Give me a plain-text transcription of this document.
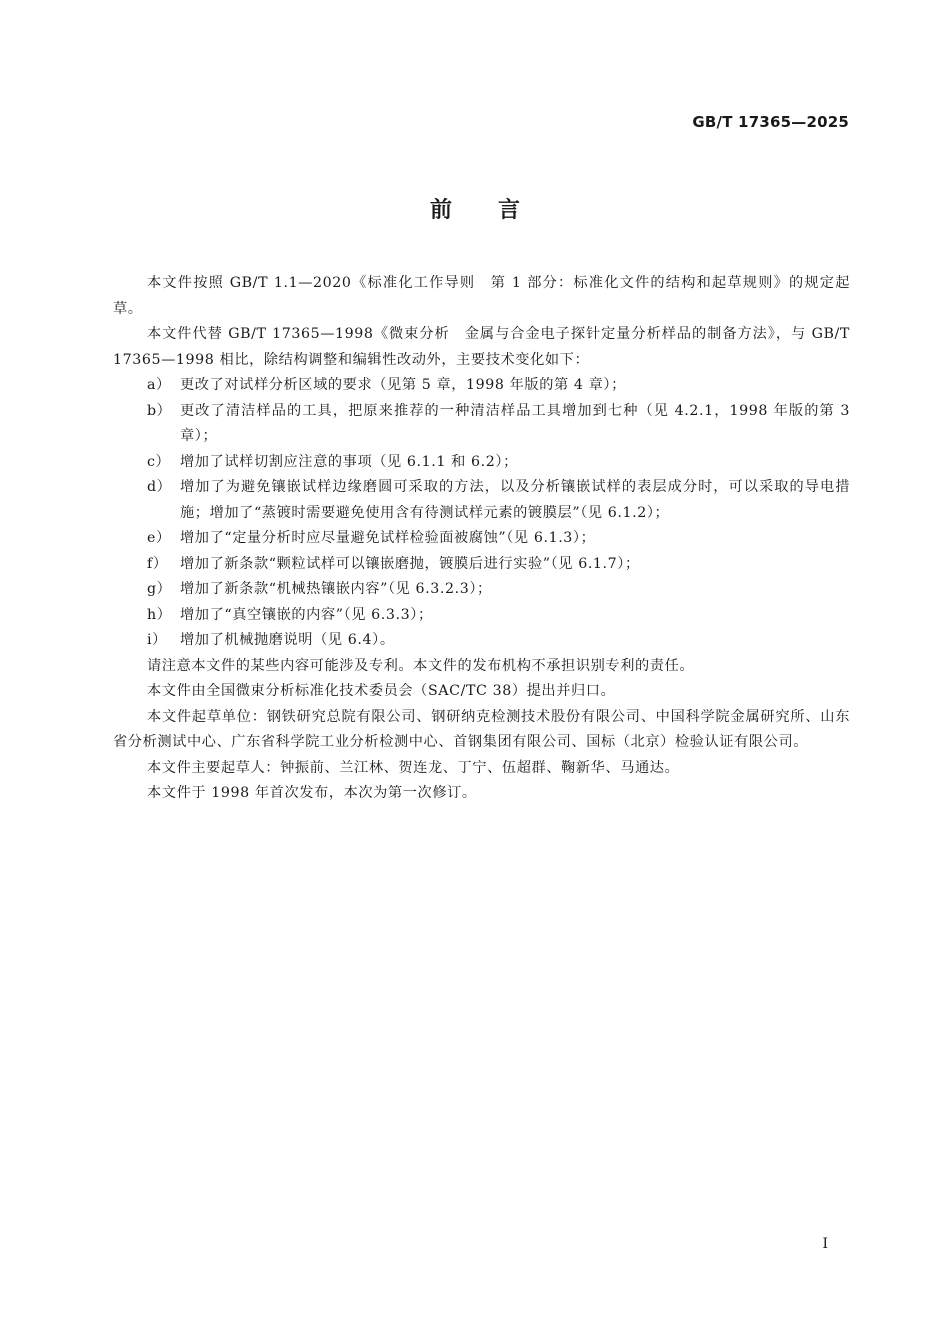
GB/T 17365—2025
前言

本文件按照 GB/T 1.1—2020《标准化工作导则　第 1 部分：标准化文件的结构和起草规则》的规定起草。

本文件代替 GB/T 17365—1998《微束分析　金属与合金电子探针定量分析样品的制备方法》，与 GB/T 17365—1998 相比，除结构调整和编辑性改动外，主要技术变化如下：

a） 更改了对试样分析区域的要求（见第 5 章，1998 年版的第 4 章）；
b） 更改了清洁样品的工具，把原来推荐的一种清洁样品工具增加到七种（见 4.2.1，1998 年版的第 3 章）；
c） 增加了试样切割应注意的事项（见 6.1.1 和 6.2）；
d） 增加了为避免镶嵌试样边缘磨圆可采取的方法，以及分析镶嵌试样的表层成分时，可以采取的导电措施；增加了“蒸镀时需要避免使用含有待测试样元素的镀膜层”（见 6.1.2）；
e） 增加了“定量分析时应尽量避免试样检验面被腐蚀”（见 6.1.3）；
f） 增加了新条款“颗粒试样可以镶嵌磨抛，镀膜后进行实验”（见 6.1.7）；
g） 增加了新条款“机械热镶嵌内容”（见 6.3.2.3）；
h） 增加了“真空镶嵌的内容”（见 6.3.3）；
i） 增加了机械抛磨说明（见 6.4）。

请注意本文件的某些内容可能涉及专利。本文件的发布机构不承担识别专利的责任。

本文件由全国微束分析标准化技术委员会（SAC/TC 38）提出并归口。

本文件起草单位：钢铁研究总院有限公司、钢研纳克检测技术股份有限公司、中国科学院金属研究所、山东省分析测试中心、广东省科学院工业分析检测中心、首钢集团有限公司、国标（北京）检验认证有限公司。

本文件主要起草人：钟振前、兰江林、贺连龙、丁宁、伍超群、鞠新华、马通达。

本文件于 1998 年首次发布，本次为第一次修订。

I
